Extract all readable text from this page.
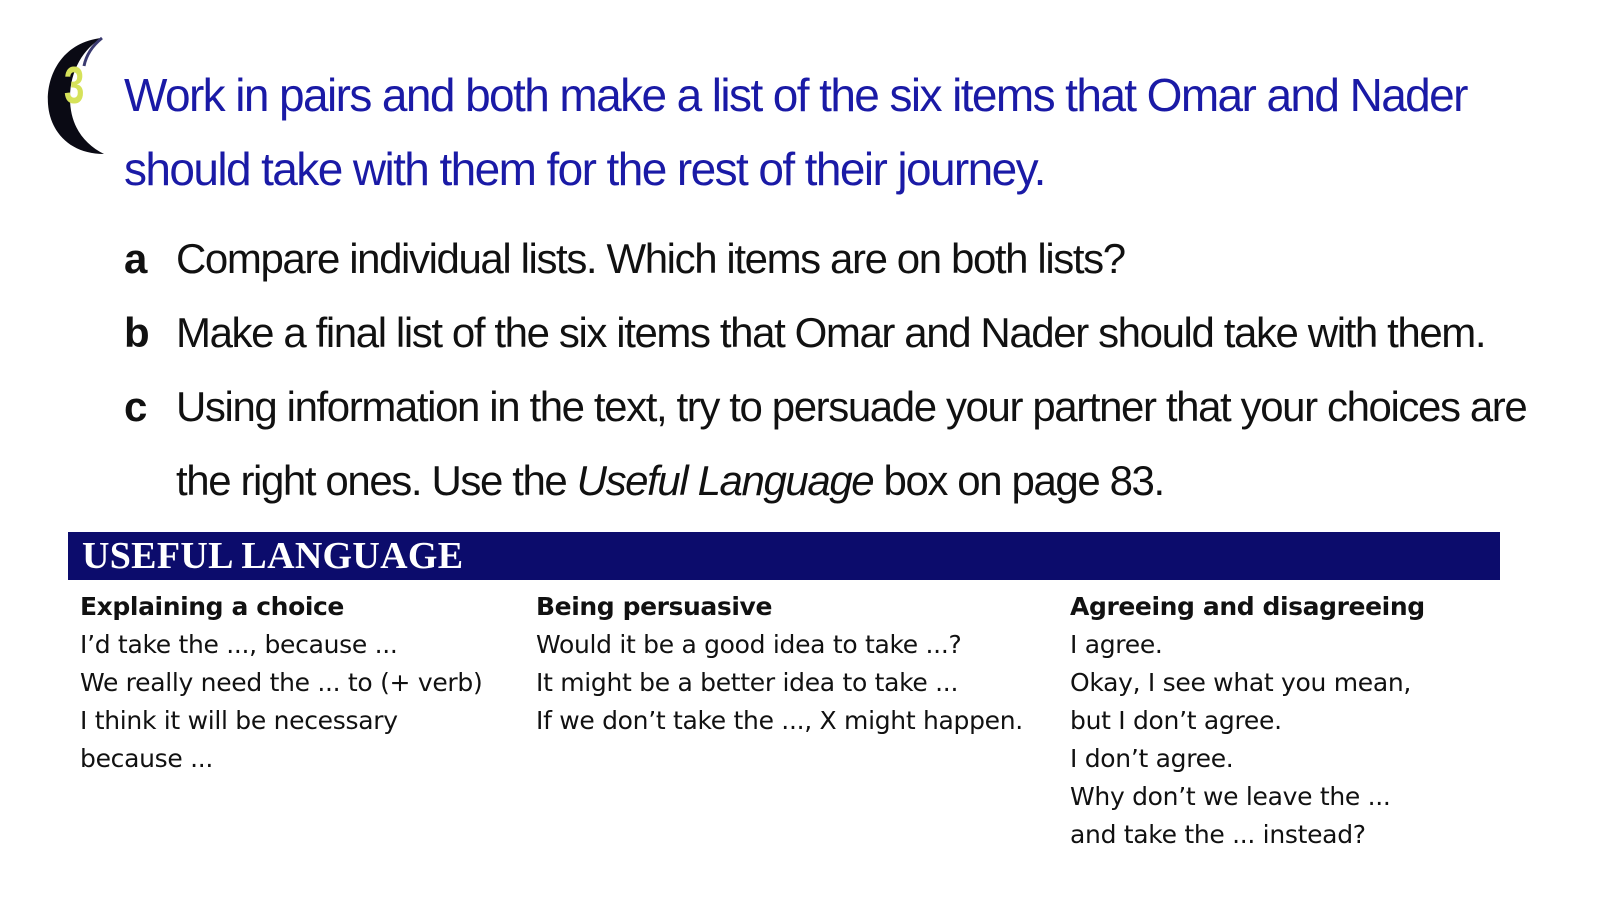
3 Work in pairs and both make a list of the six items that Omar and Nader should take with them for the rest of their journey.

a Compare individual lists. Which items are on both lists?
b Make a final list of the six items that Omar and Nader should take with them.
c Using information in the text, try to persuade your partner that your choices are the right ones. Use the Useful Language box on page 83.
USEFUL LANGUAGE
Explaining a choice
I’d take the ..., because ...
We really need the ... to (+ verb)
I think it will be necessary
because ...
Being persuasive
Would it be a good idea to take ...?
It might be a better idea to take ...
If we don’t take the ..., X might happen.
Agreeing and disagreeing
I agree.
Okay, I see what you mean,
but I don’t agree.
I don’t agree.
Why don’t we leave the ...
and take the ... instead?
